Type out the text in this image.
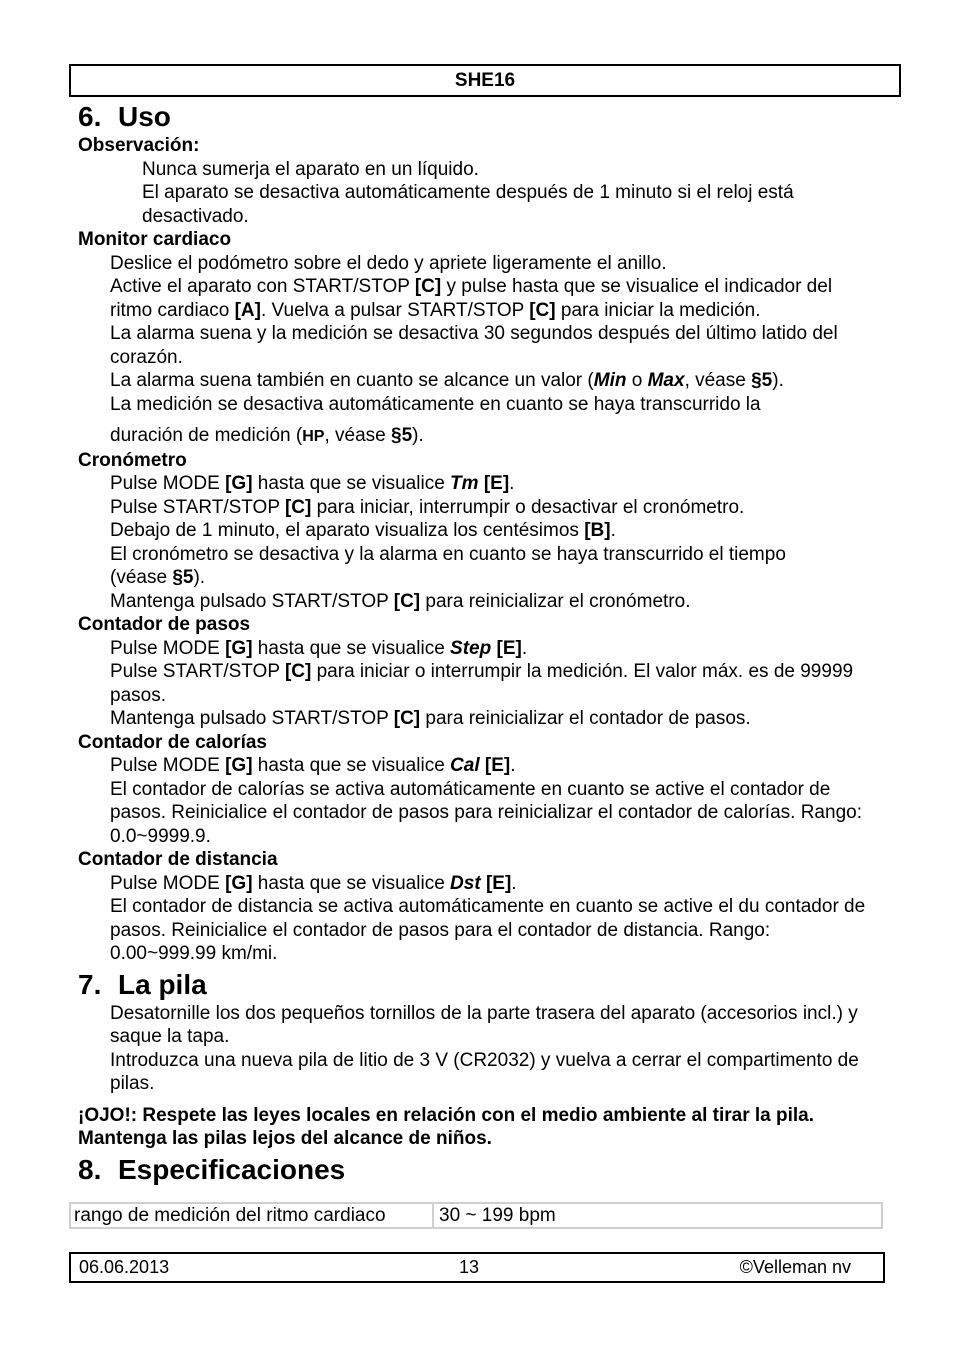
SHE16
6. Uso

Observación:

Nunca sumerja el aparato en un líquido.

El aparato se desactiva automáticamente después de 1 minuto si el reloj está desactivado.

Monitor cardiaco

Deslice el podómetro sobre el dedo y apriete ligeramente el anillo.

Active el aparato con START/STOP [C] y pulse hasta que se visualice el indicador del ritmo cardiaco [A]. Vuelva a pulsar START/STOP [C] para iniciar la medición.

La alarma suena y la medición se desactiva 30 segundos después del último latido del corazón.

La alarma suena también en cuanto se alcance un valor (Min o Max, véase §5).

La medición se desactiva automáticamente en cuanto se haya transcurrido la

duración de medición (HP, véase §5).

Cronómetro

Pulse MODE [G] hasta que se visualice Tm [E].

Pulse START/STOP [C] para iniciar, interrumpir o desactivar el cronómetro.

Debajo de 1 minuto, el aparato visualiza los centésimos [B].

El cronómetro se desactiva y la alarma en cuanto se haya transcurrido el tiempo

(véase §5).

Mantenga pulsado START/STOP [C] para reinicializar el cronómetro.

Contador de pasos

Pulse MODE [G] hasta que se visualice Step [E].

Pulse START/STOP [C] para iniciar o interrumpir la medición. El valor máx. es de 99999 pasos.

Mantenga pulsado START/STOP [C] para reinicializar el contador de pasos.

Contador de calorías

Pulse MODE [G] hasta que se visualice Cal [E].

El contador de calorías se activa automáticamente en cuanto se active el contador de pasos. Reinicialice el contador de pasos para reinicializar el contador de calorías. Rango: 0.0~9999.9.

Contador de distancia

Pulse MODE [G] hasta que se visualice Dst [E].

El contador de distancia se activa automáticamente en cuanto se active el du contador de pasos. Reinicialice el contador de pasos para el contador de distancia. Rango: 0.00~999.99 km/mi.

7. La pila

Desatornille los dos pequeños tornillos de la parte trasera del aparato (accesorios incl.) y saque la tapa.

Introduzca una nueva pila de litio de 3 V (CR2032) y vuelva a cerrar el compartimento de pilas.

¡OJO!: Respete las leyes locales en relación con el medio ambiente al tirar la pila. Mantenga las pilas lejos del alcance de niños.

8. Especificaciones
rango de medición del ritmo cardiaco	30 ~ 199 bpm
06.06.2013	13	©Velleman nv
